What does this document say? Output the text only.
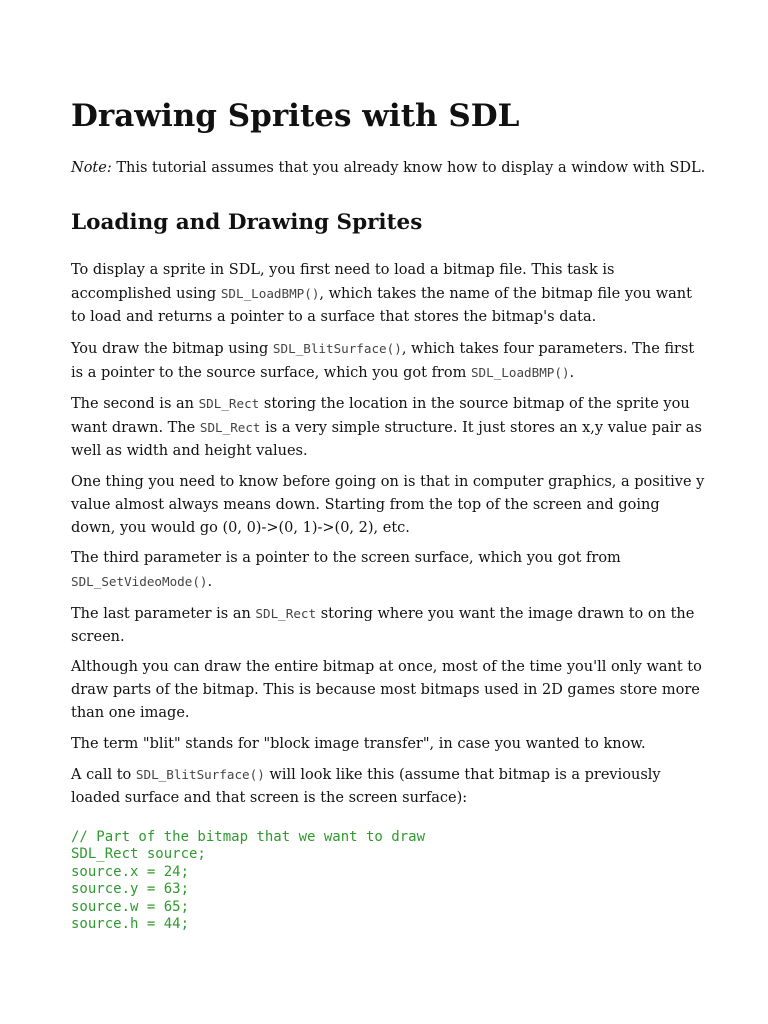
Drawing Sprites with SDL

Note: This tutorial assumes that you already know how to display a window with SDL.

Loading and Drawing Sprites

To display a sprite in SDL, you first need to load a bitmap file. This task is accomplished using SDL_LoadBMP(), which takes the name of the bitmap file you want to load and returns a pointer to a surface that stores the bitmap's data.

You draw the bitmap using SDL_BlitSurface(), which takes four parameters. The first is a pointer to the source surface, which you got from SDL_LoadBMP().

The second is an SDL_Rect storing the location in the source bitmap of the sprite you want drawn. The SDL_Rect is a very simple structure. It just stores an x,y value pair as well as width and height values.

One thing you need to know before going on is that in computer graphics, a positive y value almost always means down. Starting from the top of the screen and going down, you would go (0, 0)->(0, 1)->(0, 2), etc.

The third parameter is a pointer to the screen surface, which you got from SDL_SetVideoMode().

The last parameter is an SDL_Rect storing where you want the image drawn to on the screen.

Although you can draw the entire bitmap at once, most of the time you'll only want to draw parts of the bitmap. This is because most bitmaps used in 2D games store more than one image.

The term "blit" stands for "block image transfer", in case you wanted to know.

A call to SDL_BlitSurface() will look like this (assume that bitmap is a previously loaded surface and that screen is the screen surface):

// Part of the bitmap that we want to draw
SDL_Rect source;
source.x = 24;
source.y = 63;
source.w = 65;
source.h = 44;
